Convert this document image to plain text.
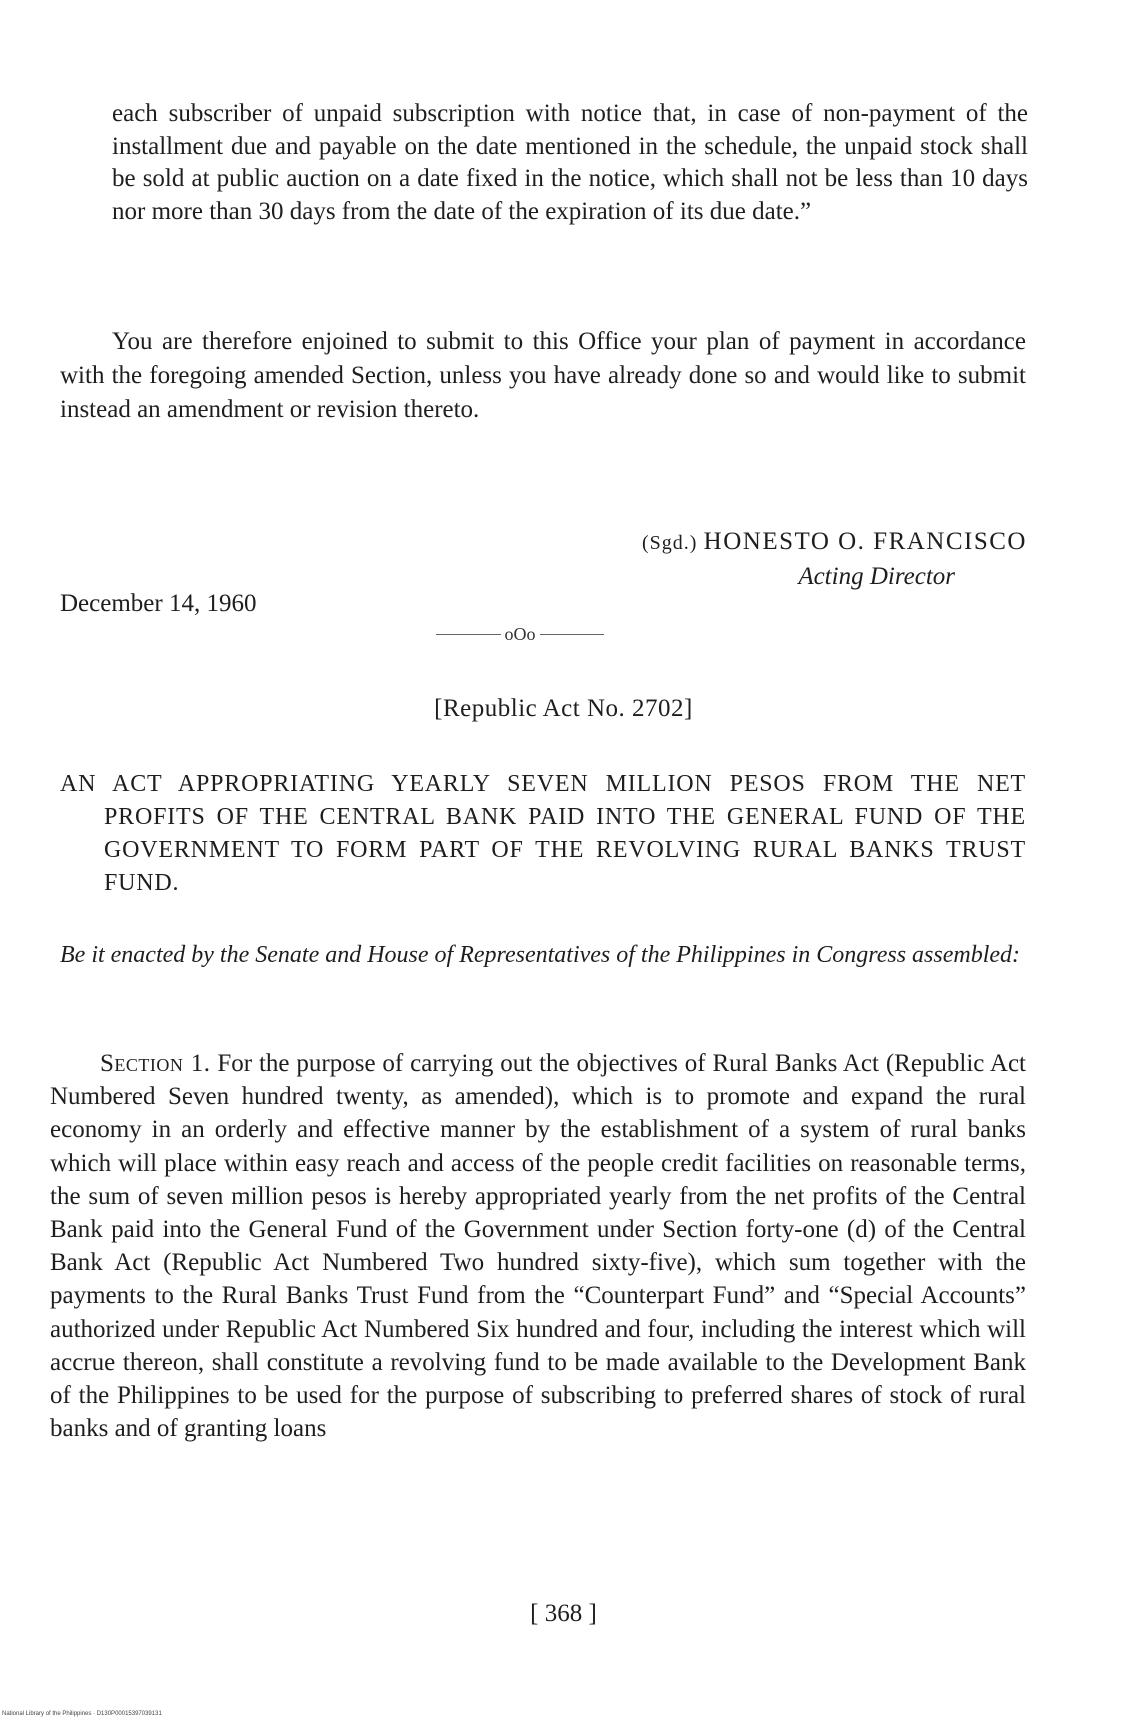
each subscriber of unpaid subscription with notice that, in case of non-payment of the installment due and payable on the date mentioned in the schedule, the unpaid stock shall be sold at public auction on a date fixed in the notice, which shall not be less than 10 days nor more than 30 days from the date of the expiration of its due date.”

You are therefore enjoined to submit to this Office your plan of payment in accordance with the foregoing amended Section, unless you have already done so and would like to submit instead an amendment or revision thereto.

(Sgd.) HONESTO O. FRANCISCO
Acting Director
December 14, 1960
oOo
[Republic Act No. 2702]
AN ACT APPROPRIATING YEARLY SEVEN MILLION PESOS FROM THE NET PROFITS OF THE CENTRAL BANK PAID INTO THE GENERAL FUND OF THE GOVERNMENT TO FORM PART OF THE REVOLVING RURAL BANKS TRUST FUND.
Be it enacted by the Senate and House of Representatives of the Philippines in Congress assembled:

Section 1. For the purpose of carrying out the objectives of Rural Banks Act (Republic Act Numbered Seven hundred twenty, as amended), which is to promote and expand the rural economy in an orderly and effective manner by the establishment of a system of rural banks which will place within easy reach and access of the people credit facilities on reasonable terms, the sum of seven million pesos is hereby appropriated yearly from the net profits of the Central Bank paid into the General Fund of the Government under Section forty-one (d) of the Central Bank Act (Republic Act Numbered Two hundred sixty-five), which sum together with the payments to the Rural Banks Trust Fund from the “Counterpart Fund” and “Special Accounts” authorized under Republic Act Numbered Six hundred and four, including the interest which will accrue thereon, shall constitute a revolving fund to be made available to the Development Bank of the Philippines to be used for the purpose of subscribing to preferred shares of stock of rural banks and of granting loans

[ 368 ]
National Library of the Philippines · D130P00015397039131
